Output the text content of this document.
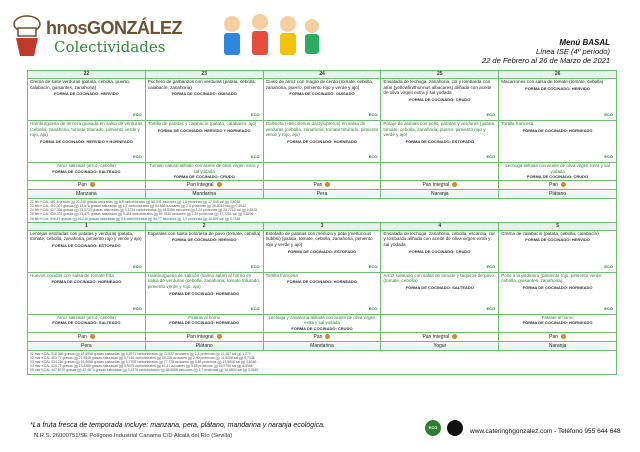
hnosGONZÁLEZ
Colectividades	Menú BASAL
Línea ISE (4º periodo)
22 de Febrero al 26 de Marzo de 2021
22	23	24	25	26
Crema de siete verduras (patata, cebolla, puerro, calabacín, guisantes, zanahoria)
FORMA DE COCINADO: HERVIDO
ECO	Puchero de garbanzos con verduras (patata, cebolla, calabacín, zanahoria)
FORMA DE COCINADO: GUISADO
ECO	Guiso de arroz con magro de cerdo (tomate, cebolla, zanahoria, puerro, pimiento rojo y verde y ajo)
FORMA DE COCINADO: GUISADO
ECO	Ensalada de lechuga, zanahoria, col y lombarda con atún (yellowfin/thunnus albacares) aliñada con aceite de oliva virgen extra y sal yodada
FORMA DE COCINADO: CRUDO
ECO	Macarrones con salsa de tomate (tomate, cebolla)
FORMA DE COCINADO: HERVIDO
ECO

Hamburguesa de ternera guisada en salsa de verduras (cebolla, zanahoria, tomate triturado, pimiento verde y rojo, ajo)
FORMA DE COCINADO: HERVIDO Y HORNEADO
ECO	Tortilla de patatas y calabacín (patata, calabacín, ajo)
FORMA DE COCINADO: HERVIDO Y HORNEADO
ECO	Gallineta (Helicolenus dactylopterus) en salsa de verduras (cebolla, zanahoria, tomate triturado, pimiento verde y rojo, ajo)
FORMA DE COCINADO: HORNEADO
ECO	Potaje de alubias con pollo, patatas y verduras (patata, tomate, cebolla, zanahoria, puerro, pimiento rojo y verde y ajo)
FORMA DE COCINADO: ESTOFADO
ECO	Tortilla francesa
FORMA DE COCINADO: HORNEADO
ECO

Arroz salteado (arroz, cebolla)
FORMA DE COCINADO: SALTEADO	Tomate natural aliñado con aceite de oliva virgen extra y sal yodada
FORMA DE COCINADO: CRUDO			Lechuga aliñada con aceite de oliva virgen extra y sal yodada
FORMA DE COCINADO: CRUDO

Pan	Pan integral	Pan	Pan integral	Pan
Manzana	Mandarina	Pera	Naranja	Plátano

22 feb KCAL 481,8 grasas (g) 20,238 grasas saturadas (g) 6,9 carbohidratos (g) 56,241 azúcares (g) 1,8 proteínas (g) 17,848 sal (g) 0,8038
23 feb KCAL 452,307 grasas (g) 13,876 grasas saturadas (g) 1,7 carbohidratos (g) 54,686 azúcares (g) 2,5 proteínas (g) 26,6034 sal (g) 0,6942
24 feb KCAL 427,356 grasas (g) 15,0733 grasas saturadas (g) 3,3734 carbohidratos (g) 64,8396 azúcares (g) 2,24 proteínas (g) 26,7215 sal (g) 0,8318
25 feb KCAL 435,293 grasas (g) 15,471 grasas saturadas (g) 3,084 carbohidratos (g) 69,7836 azúcares (g) 2,25 proteínas (g) 17,7261 sal (g) 0,8296
26 feb KCAL 346,47 grasas (g) 16,216 grasas saturadas (g) 3,6 carbohidratos (g) 54,77 azúcares (g) 1,2 proteínas (g) 16,826 sal (g) 0,7348				

1	2	3	4	5
Lentejas estofadas con patatas y verduras (patata, tomate, cebolla, zanahoria, pimiento rojo y verde y ajo)
FORMA DE COCINADO: ESTOFADO
ECO	Espirales con salsa boloñesa de pavo (tomate, cebolla)
FORMA DE COCINADO: HERVIDO
ECO	Estofado de patatas con merluza y pota (merluccius hubbsi) (patata, tomate, cebolla, zanahoria, pimiento rojo y verde y ajo)
FORMA DE COCINADO: ESTOFADO
ECO	Ensalada de lechuga, zanahoria, cebolla, escarola, col y lombarda aliñada con aceite de oliva virgen extra y sal yodada
FORMA DE COCINADO: CRUDO
ECO	Crema de calabacín (patata, cebolla, calabacín)
FORMA DE COCINADO: HERVIDO
ECO

Huevos cocidos con salsa de tomate frita
FORMA DE COCINADO: HORNEADO
ECO	Hamburguesa de salmón (salmo salar) al horno en salsa de verduras (cebolla, zanahoria, tomate triturado, pimiento verde y rojo, ajo)
FORMA DE COCINADO: HORNEADO
ECO	Tortilla francesa
FORMA DE COCINADO: HORNEADO
ECO	Arroz salteado con salsa de tomate y taquitos de pavo (tomate, cebolla)
FORMA DE COCINADO: SALTEADO
ECO	Pollo a la jardinera (pimiento rojo, pimiento verde, cebolla, guisantes, zanahoria)
FORMA DE COCINADO: HORNEADO
ECO

Arroz salteado (arroz, cebolla)
FORMA DE COCINADO: SALTEADO	Patatas al horno
FORMA DE COCINADO: HORNEADO	Lechuga y zanahoria aliñada con aceite de oliva virgen extra y sal yodada
FORMA DE COCINADO: CRUDO		Patatas al horno
FORMA DE COCINADO: HORNEADO

Pan	Pan integral	Pan	Pan integral	Pan
Pera	Plátano	Mandarina	Yogur	Naranja

01 mar KCAL 516,366 grasas (g) 18,4998 grasas saturadas (g) 3,2971 carbohidratos (g) 72,522 azúcares (g) 2,5 proteínas (g) 12,487 sal (g) 1,272
02 mar KCAL 453,77 grasas (g) 21,9548 grasas saturadas (g) 3,7146 carbohidratos (g) 59,026 azúcares (g) 2,40 proteínas (g) 21,6268 sal (g) 0,7438
03 mar KCAL 434,256 grasas (g) 16,4688 grasas saturadas (g) 3,7705 carbohidratos (g) 77,778 azúcares (g) 3,68 proteínas (g) 19,9808 sal (g) 0,6346
04 mar KCAL 418,77 grasas (g) 13,4286 grasas saturadas (g) 4,9375 carbohidratos (g) 61,17 azúcares (g) 9,85 proteínas (g) 16,9795 sal (g) 0,4968
05 mar KCAL 447,8079 grasas (g) 17,4874 grasas saturadas (g) 3,3379 carbohidratos (g) 65,5588 azúcares (g) 2,7 proteínas (g) 16,8834 sal (g) 0,4440				
*La fruta fresca de temporada incluye: manzana, pera, plátano, mandarina y naranja ecológica.
N.R.S. 26000751/SE Polígono Industrial Canama C/D Alcalá del Río (Sevilla)
ECO
www.cateringhgonzalez.com - Teléfono 955 644 648
